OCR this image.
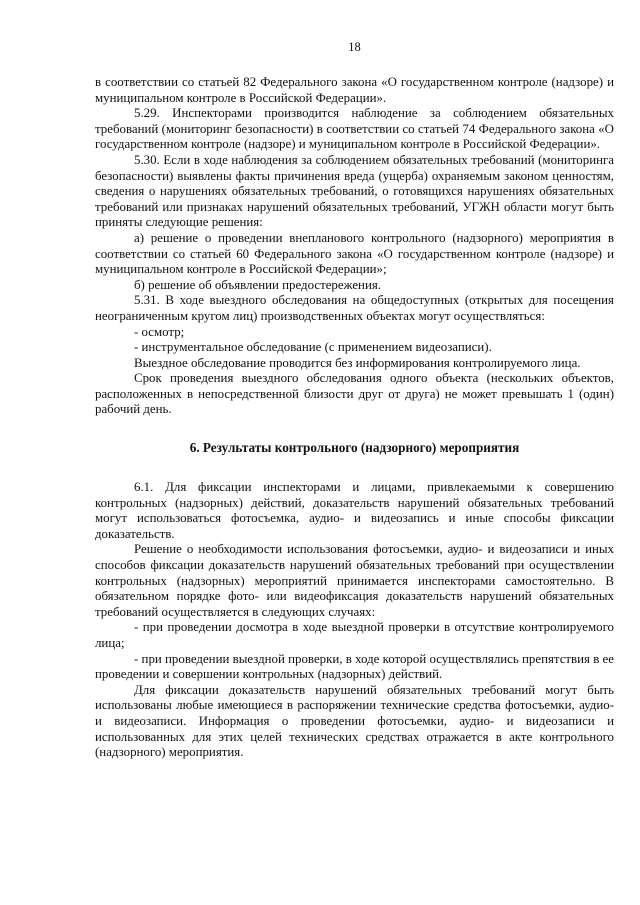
18

в соответствии со статьей 82 Федерального закона «О государственном контроле (надзоре) и муниципальном контроле в Российской Федерации».

5.29. Инспекторами производится наблюдение за соблюдением обязательных требований (мониторинг безопасности) в соответствии со статьей 74 Федерального закона «О государственном контроле (надзоре) и муниципальном контроле в Российской Федерации».

5.30. Если в ходе наблюдения за соблюдением обязательных требований (мониторинга безопасности) выявлены факты причинения вреда (ущерба) охраняемым законом ценностям, сведения о нарушениях обязательных требований, о готовящихся нарушениях обязательных требований или признаках нарушений обязательных требований, УГЖН области могут быть приняты следующие решения:

а) решение о проведении внепланового контрольного (надзорного) мероприятия в соответствии со статьей 60 Федерального закона «О государственном контроле (надзоре) и муниципальном контроле в Российской Федерации»;

б) решение об объявлении предостережения.

5.31. В ходе выездного обследования на общедоступных (открытых для посещения неограниченным кругом лиц) производственных объектах могут осуществляться:

- осмотр;

- инструментальное обследование (с применением видеозаписи).

Выездное обследование проводится без информирования контролируемого лица.

Срок проведения выездного обследования одного объекта (нескольких объектов, расположенных в непосредственной близости друг от друга) не может превышать 1 (один) рабочий день.

6. Результаты контрольного (надзорного) мероприятия

6.1. Для фиксации инспекторами и лицами, привлекаемыми к совершению контрольных (надзорных) действий, доказательств нарушений обязательных требований могут использоваться фотосъемка, аудио- и видеозапись и иные способы фиксации доказательств.

Решение о необходимости использования фотосъемки, аудио- и видеозаписи и иных способов фиксации доказательств нарушений обязательных требований при осуществлении контрольных (надзорных) мероприятий принимается инспекторами самостоятельно. В обязательном порядке фото- или видеофиксация доказательств нарушений обязательных требований осуществляется в следующих случаях:

- при проведении досмотра в ходе выездной проверки в отсутствие контролируемого лица;

- при проведении выездной проверки, в ходе которой осуществлялись препятствия в ее проведении и совершении контрольных (надзорных) действий.

Для фиксации доказательств нарушений обязательных требований могут быть использованы любые имеющиеся в распоряжении технические средства фотосъемки, аудио- и видеозаписи. Информация о проведении фотосъемки, аудио- и видеозаписи и использованных для этих целей технических средствах отражается в акте контрольного (надзорного) мероприятия.
